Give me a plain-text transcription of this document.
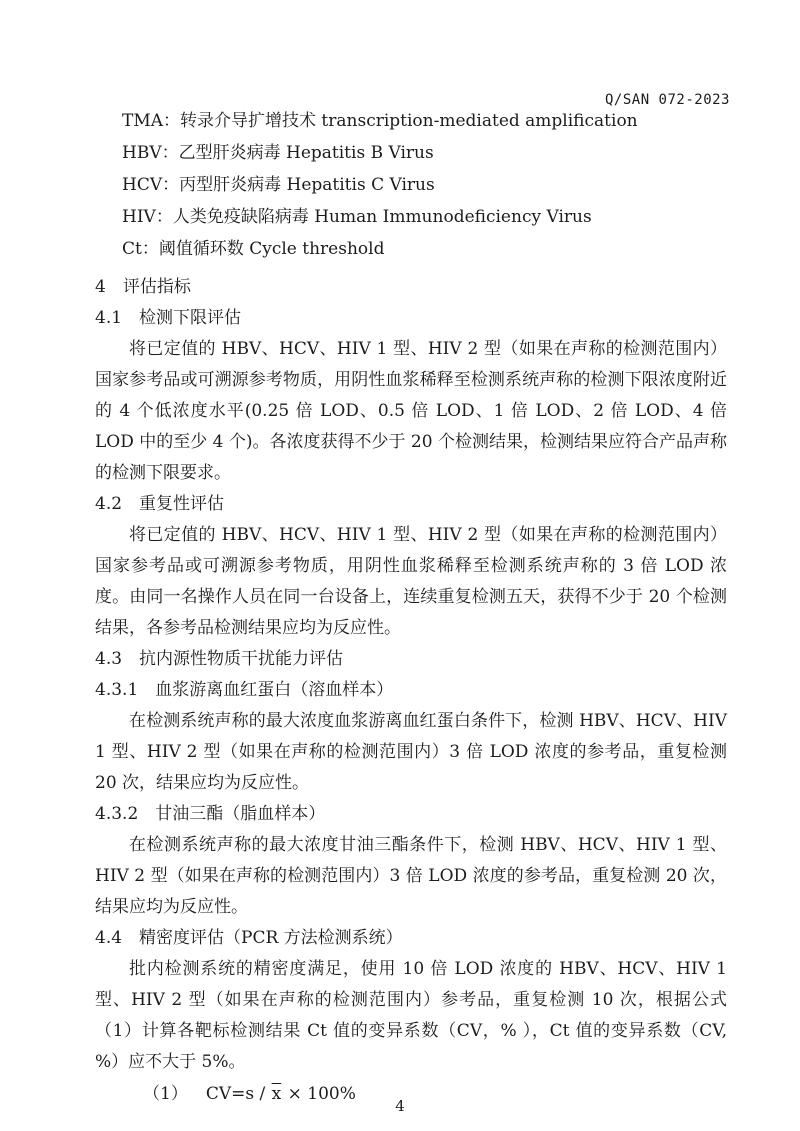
Q/SAN 072-2023
TMA：转录介导扩增技术 transcription-mediated amplification
HBV：乙型肝炎病毒 Hepatitis B Virus
HCV：丙型肝炎病毒 Hepatitis C Virus
HIV：人类免疫缺陷病毒 Human Immunodeficiency Virus
Ct：阈值循环数 Cycle threshold
4　评估指标
4.1　检测下限评估

将已定值的 HBV、HCV、HIV 1 型、HIV 2 型（如果在声称的检测范围内）国家参考品或可溯源参考物质，用阴性血浆稀释至检测系统声称的检测下限浓度附近的 4 个低浓度水平(0.25 倍 LOD、0.5 倍 LOD、1 倍 LOD、2 倍 LOD、4 倍 LOD 中的至少 4 个)。各浓度获得不少于 20 个检测结果，检测结果应符合产品声称的检测下限要求。

4.2　重复性评估

将已定值的 HBV、HCV、HIV 1 型、HIV 2 型（如果在声称的检测范围内）国家参考品或可溯源参考物质，用阴性血浆稀释至检测系统声称的 3 倍 LOD 浓度。由同一名操作人员在同一台设备上，连续重复检测五天，获得不少于 20 个检测结果，各参考品检测结果应均为反应性。

4.3　抗内源性物质干扰能力评估
4.3.1　血浆游离血红蛋白（溶血样本）

在检测系统声称的最大浓度血浆游离血红蛋白条件下，检测 HBV、HCV、HIV 1 型、HIV 2 型（如果在声称的检测范围内）3 倍 LOD 浓度的参考品，重复检测 20 次，结果应均为反应性。

4.3.2　甘油三酯（脂血样本）

在检测系统声称的最大浓度甘油三酯条件下，检测 HBV、HCV、HIV 1 型、HIV 2 型（如果在声称的检测范围内）3 倍 LOD 浓度的参考品，重复检测 20 次，结果应均为反应性。

4.4　精密度评估（PCR 方法检测系统）

批内检测系统的精密度满足，使用 10 倍 LOD 浓度的 HBV、HCV、HIV 1 型、HIV 2 型（如果在声称的检测范围内）参考品，重复检测 10 次，根据公式（1）计算各靶标检测结果 Ct 值的变异系数（CV，% ），Ct 值的变异系数（CV, %）应不大于 5%。

（1） $CV=s / \overline{x} \times 100\%$
4
